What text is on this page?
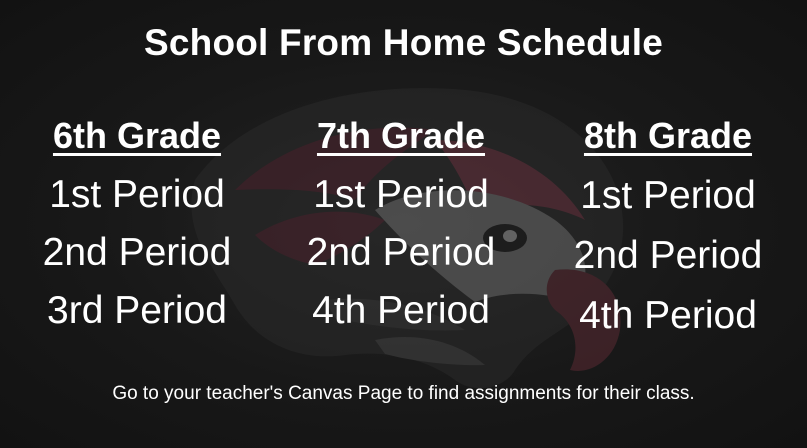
School From Home Schedule
6th Grade

1st Period

2nd Period

3rd Period

7th Grade

1st Period

2nd Period

4th Period

8th Grade

1st Period

2nd Period

4th Period

Go to your teacher's Canvas Page to find assignments for their class.
